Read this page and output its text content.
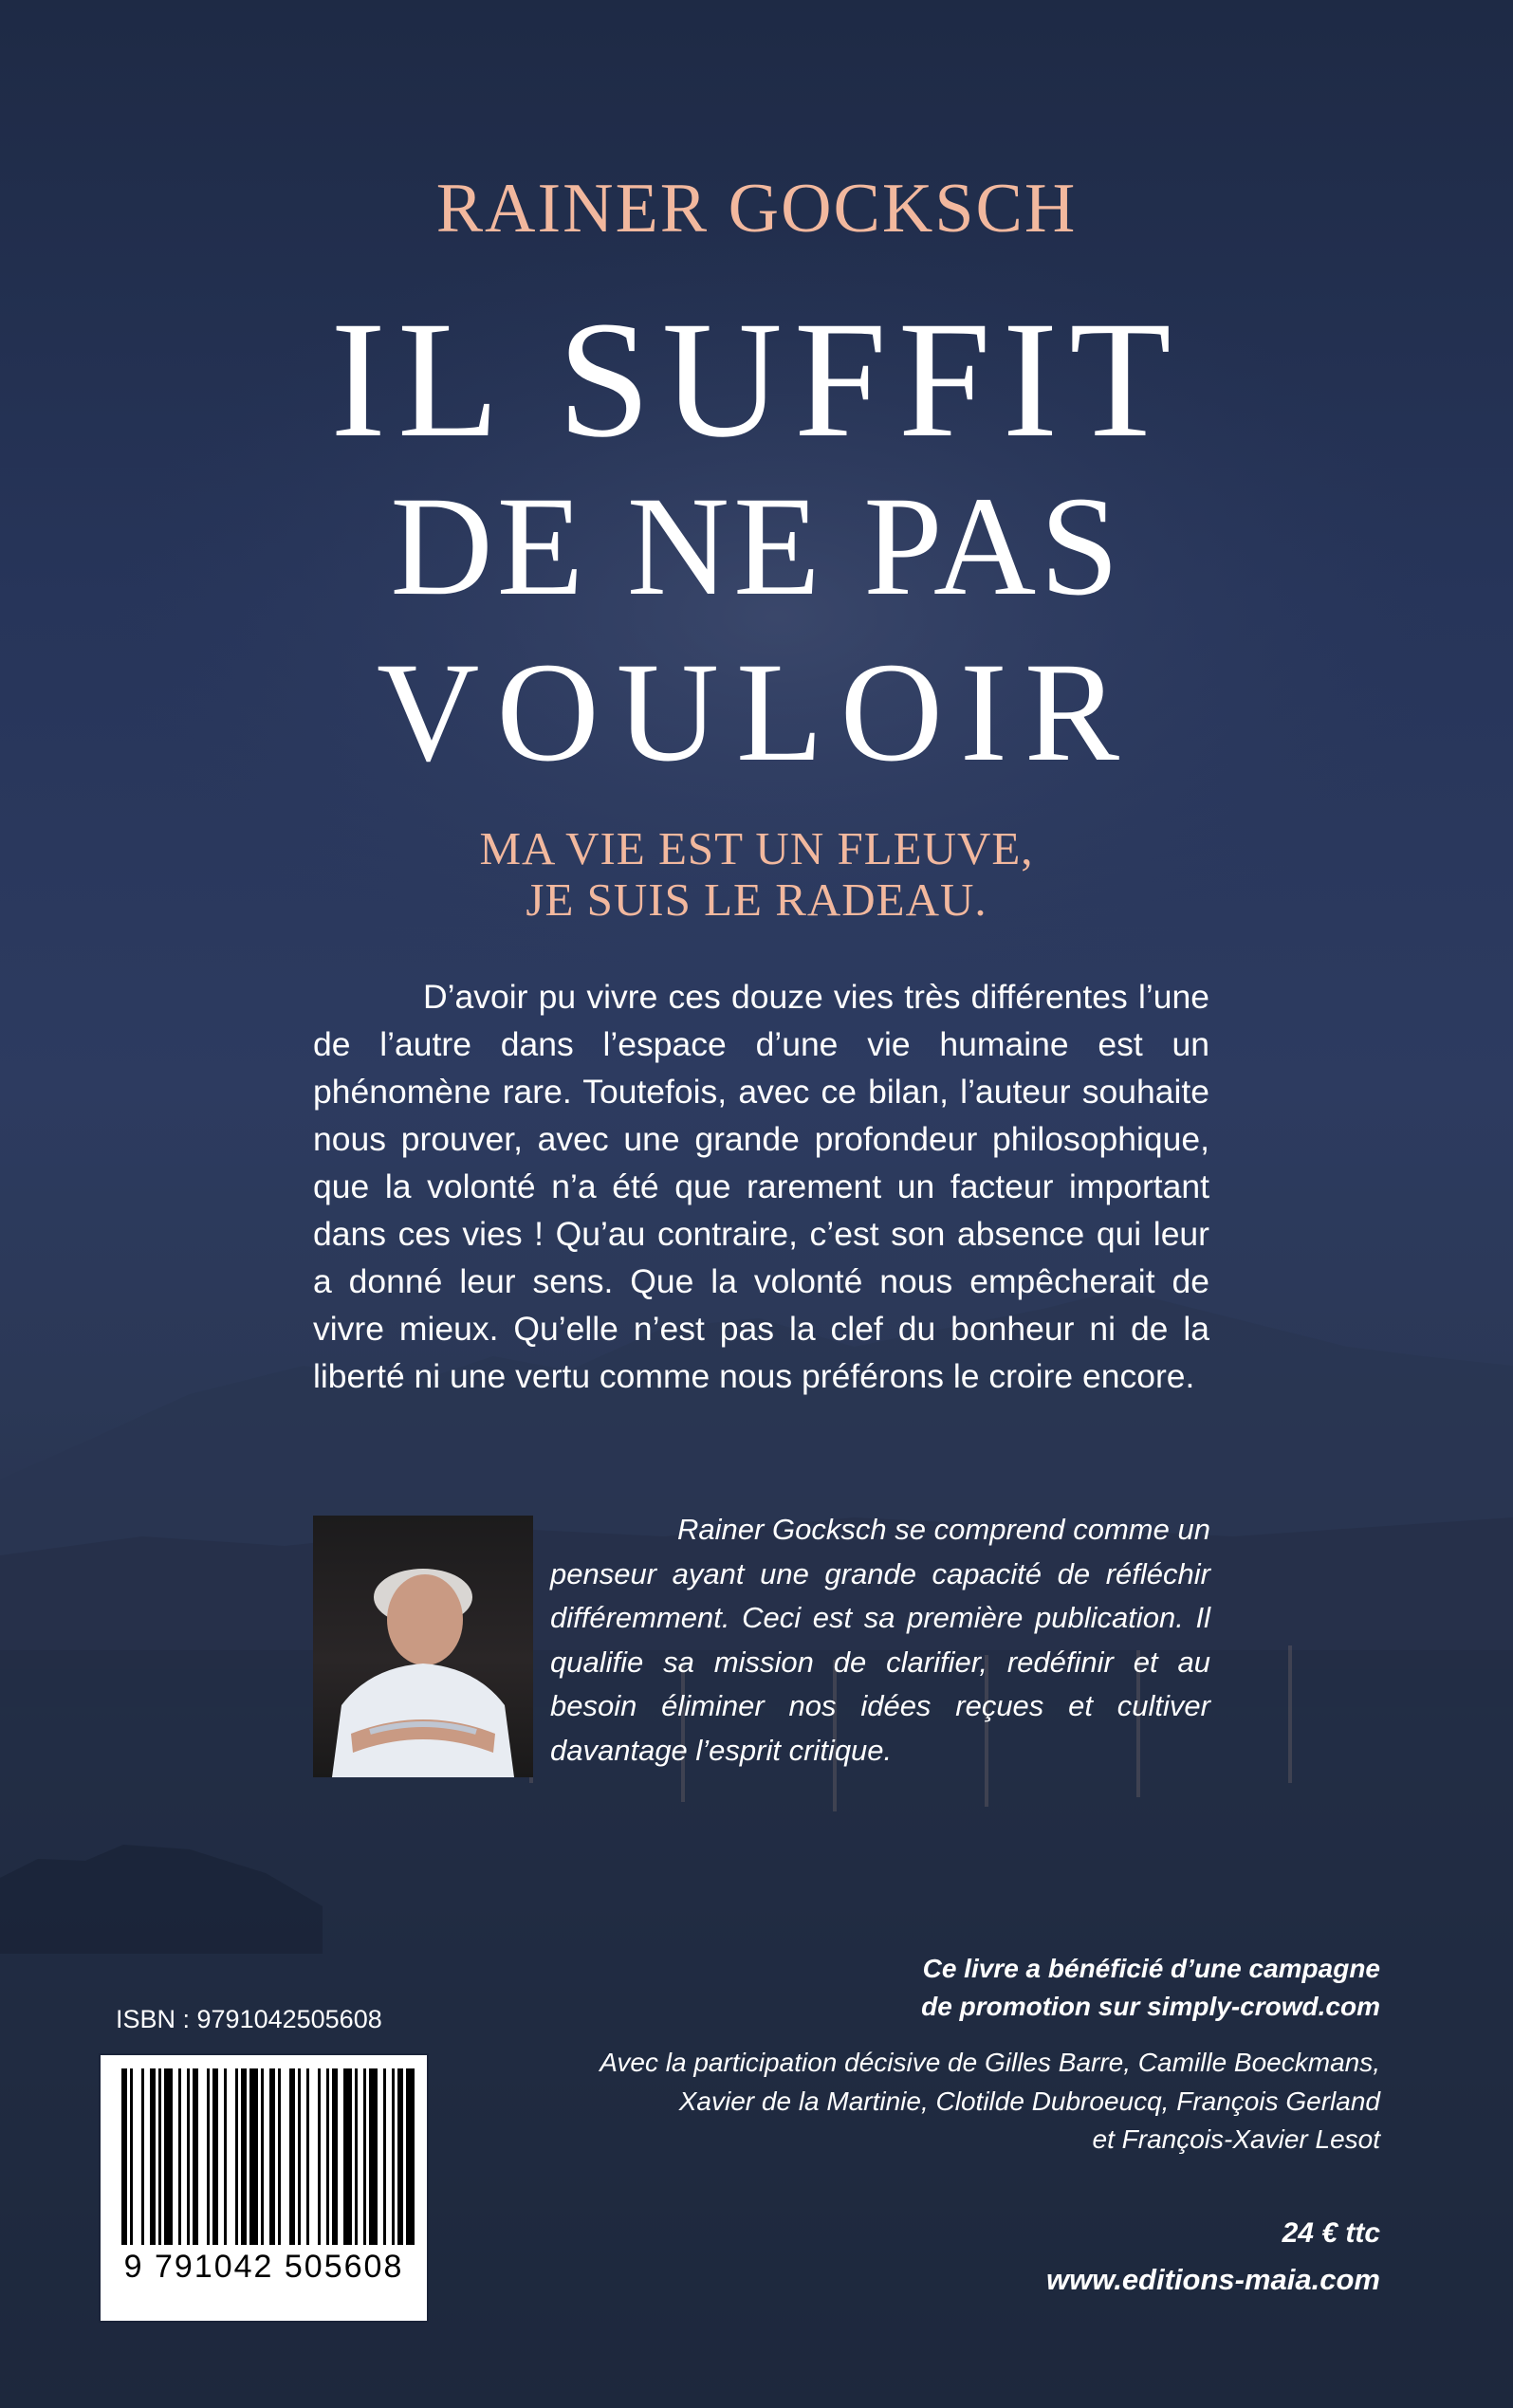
RAINER GOCKSCH
IL SUFFIT
DE NE PAS
VOULOIR
MA VIE EST UN FLEUVE,
JE SUIS LE RADEAU.

D’avoir pu vivre ces douze vies très différentes l’une de l’autre dans l’espace d’une vie humaine est un phénomène rare. Toutefois, avec ce bilan, l’auteur souhaite nous prouver, avec une grande profondeur philosophique, que la volonté n’a été que rarement un facteur important dans ces vies ! Qu’au contraire, c’est son absence qui leur a donné leur sens. Que la volonté nous empêcherait de vivre mieux. Qu’elle n’est pas la clef du bonheur ni de la liberté ni une vertu comme nous préférons le croire encore.

Rainer Gocksch se comprend comme un penseur ayant une grande capacité de réfléchir différemment. Ceci est sa première publication. Il qualifie sa mission de clarifier, redéfinir et au besoin éliminer nos idées reçues et cultiver davantage l’esprit critique.

ISBN : 9791042505608
9 791042 505608
Ce livre a bénéficié d’une campagne
de promotion sur simply-crowd.com
Avec la participation décisive de Gilles Barre, Camille Boeckmans,
Xavier de la Martinie, Clotilde Dubroeucq, François Gerland
et François-Xavier Lesot
24 € ttc
www.editions-maia.com
